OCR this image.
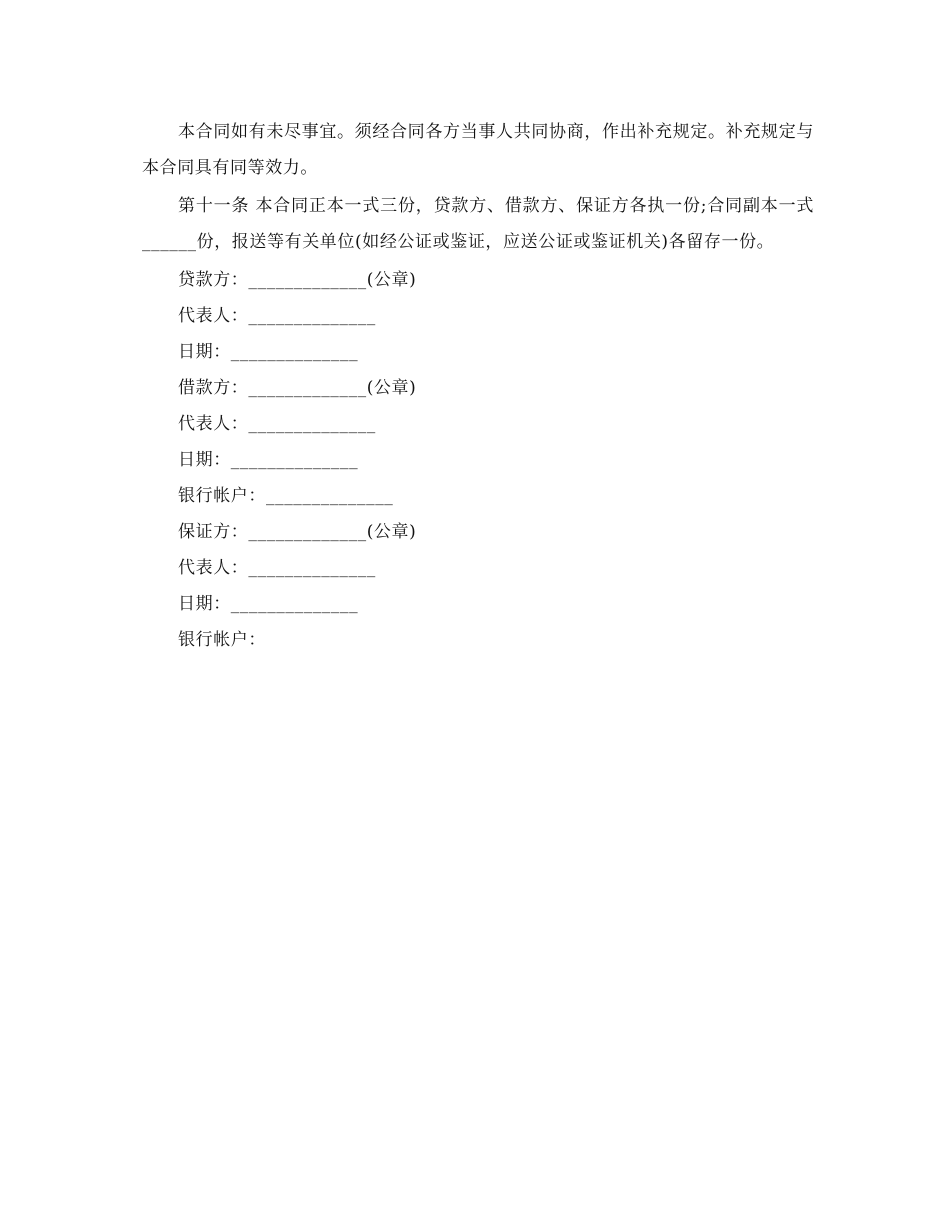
本合同如有未尽事宜。须经合同各方当事人共同协商，作出补充规定。补充规定与本合同具有同等效力。

第十一条 本合同正本一式三份，贷款方、借款方、保证方各执一份;合同副本一式______份，报送等有关单位(如经公证或鉴证，应送公证或鉴证机关)各留存一份。

贷款方：_____________(公章)

代表人：______________

日期：______________

借款方：_____________(公章)

代表人：______________

日期：______________

银行帐户：______________

保证方：_____________(公章)

代表人：______________

日期：______________

银行帐户：
